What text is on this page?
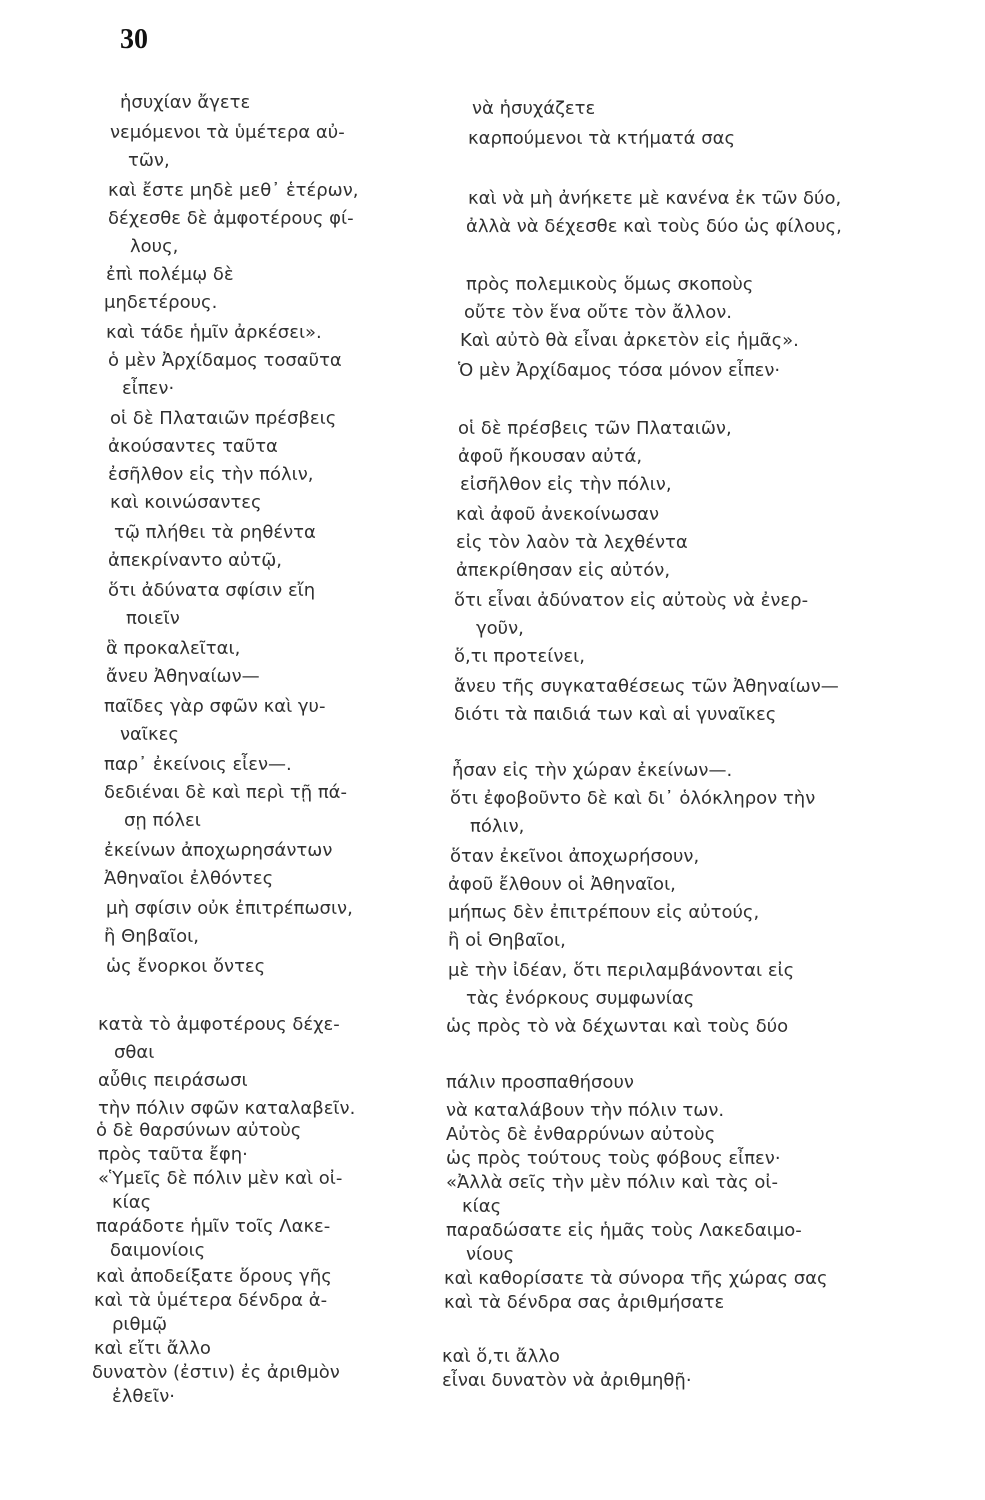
30
ἡσυχίαν ἄγετε
νεμόμενοι τὰ ὑμέτερα αὐ-
τῶν,
καὶ ἔστε μηδὲ μεθ᾽ ἑτέρων,
δέχεσθε δὲ ἀμφοτέρους φί-
λους,
ἐπὶ πολέμῳ δὲ
μηδετέρους.
καὶ τάδε ἡμῖν ἀρκέσει».
ὁ μὲν Ἀρχίδαμος τοσαῦτα
εἶπεν·
οἱ δὲ Πλαταιῶν πρέσβεις
ἀκούσαντες ταῦτα
ἐσῆλθον εἰς τὴν πόλιν,
καὶ κοινώσαντες
τῷ πλήθει τὰ ρηθέντα
ἀπεκρίναντο αὐτῷ,
ὅτι ἀδύνατα σφίσιν εἴη
ποιεῖν
ἃ προκαλεῖται,
ἄνευ Ἀθηναίων—
παῖδες γὰρ σφῶν καὶ γυ-
ναῖκες
παρ᾽ ἐκείνοις εἶεν—.
δεδιέναι δὲ καὶ περὶ τῇ πά-
σῃ πόλει
ἐκείνων ἀποχωρησάντων
Ἀθηναῖοι ἐλθόντες
μὴ σφίσιν οὐκ ἐπιτρέπωσιν,
ἢ Θηβαῖοι,
ὡς ἔνορκοι ὄντες
κατὰ τὸ ἀμφοτέρους δέχε-
σθαι
αὖθις πειράσωσι
τὴν πόλιν σφῶν καταλαβεῖν.
ὁ δὲ θαρσύνων αὐτοὺς
πρὸς ταῦτα ἔφη·
«Ὑμεῖς δὲ πόλιν μὲν καὶ οἰ-
κίας
παράδοτε ἡμῖν τοῖς Λακε-
δαιμονίοις
καὶ ἀποδείξατε ὅρους γῆς
καὶ τὰ ὑμέτερα δένδρα ἀ-
ριθμῷ
καὶ εἴτι ἄλλο
δυνατὸν (ἐστιν) ἐς ἀριθμὸν
ἐλθεῖν·
νὰ ἡσυχάζετε
καρπούμενοι τὰ κτήματά σας
καὶ νὰ μὴ ἀνήκετε μὲ κανένα ἐκ τῶν δύο,
ἀλλὰ νὰ δέχεσθε καὶ τοὺς δύο ὡς φίλους,
πρὸς πολεμικοὺς ὅμως σκοποὺς
οὔτε τὸν ἕνα οὔτε τὸν ἄλλον.
Καὶ αὐτὸ θὰ εἶναι ἀρκετὸν εἰς ἡμᾶς».
Ὁ μὲν Ἀρχίδαμος τόσα μόνον εἶπεν·
οἱ δὲ πρέσβεις τῶν Πλαταιῶν,
ἀφοῦ ἤκουσαν αὐτά,
εἰσῆλθον εἰς τὴν πόλιν,
καὶ ἀφοῦ ἀνεκοίνωσαν
εἰς τὸν λαὸν τὰ λεχθέντα
ἀπεκρίθησαν εἰς αὐτόν,
ὅτι εἶναι ἀδύνατον εἰς αὐτοὺς νὰ ἐνερ-
γοῦν,
ὅ,τι προτείνει,
ἄνευ τῆς συγκαταθέσεως τῶν Ἀθηναίων—
διότι τὰ παιδιά των καὶ αἱ γυναῖκες
ἦσαν εἰς τὴν χώραν ἐκείνων—.
ὅτι ἐφοβοῦντο δὲ καὶ δι᾽ ὁλόκληρον τὴν
πόλιν,
ὅταν ἐκεῖνοι ἀποχωρήσουν,
ἀφοῦ ἔλθουν οἱ Ἀθηναῖοι,
μήπως δὲν ἐπιτρέπουν εἰς αὐτούς,
ἢ οἱ Θηβαῖοι,
μὲ τὴν ἰδέαν, ὅτι περιλαμβάνονται εἰς
τὰς ἐνόρκους συμφωνίας
ὡς πρὸς τὸ νὰ δέχωνται καὶ τοὺς δύο
πάλιν προσπαθήσουν
νὰ καταλάβουν τὴν πόλιν των.
Αὐτὸς δὲ ἐνθαρρύνων αὐτοὺς
ὡς πρὸς τούτους τοὺς φόβους εἶπεν·
«Ἀλλὰ σεῖς τὴν μὲν πόλιν καὶ τὰς οἰ-
κίας
παραδώσατε εἰς ἡμᾶς τοὺς Λακεδαιμο-
νίους
καὶ καθορίσατε τὰ σύνορα τῆς χώρας σας
καὶ τὰ δένδρα σας ἀριθμήσατε
καὶ ὅ,τι ἄλλο
εἶναι δυνατὸν νὰ ἀριθμηθῇ·
